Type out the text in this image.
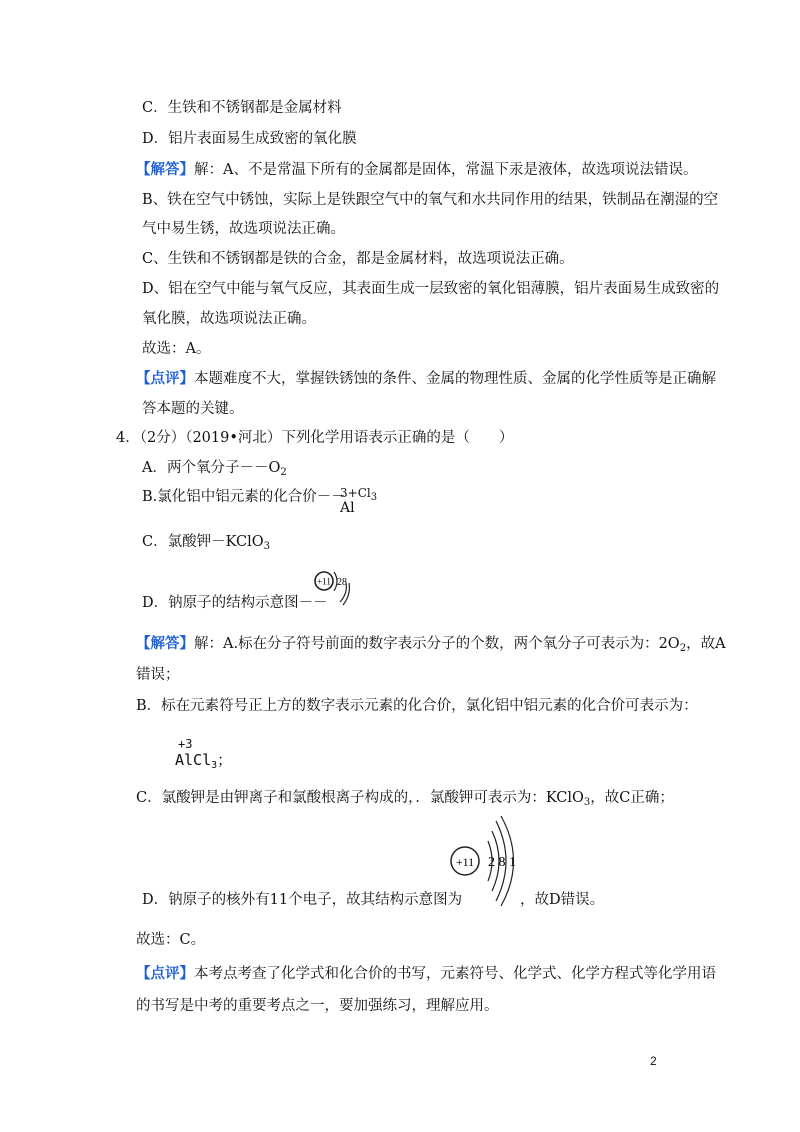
C．生铁和不锈钢都是金属材料
D．铝片表面易生成致密的氧化膜
【解答】解：A、不是常温下所有的金属都是固体，常温下汞是液体，故选项说法错误。
B、铁在空气中锈蚀，实际上是铁跟空气中的氧气和水共同作用的结果，铁制品在潮湿的空
气中易生锈，故选项说法正确。
C、生铁和不锈钢都是铁的合金，都是金属材料，故选项说法正确。
D、铝在空气中能与氧气反应，其表面生成一层致密的氧化铝薄膜，铝片表面易生成致密的
氧化膜，故选项说法正确。
故选：A。
【点评】本题难度不大，掌握铁锈蚀的条件、金属的物理性质、金属的化学性质等是正确解
答本题的关键。
4．（2分）（2019•河北）下列化学用语表示正确的是（　　）
A．两个氧分子$--O_2$
B.氯化铝中铝元素的化合价－－
$3+Cl_3$
Al
C．氯酸钾－KClO$_3$
D．钠原子的结构示意图－－
+11 28
【解答】解：A.标在分子符号前面的数字表示分子的个数，两个氧分子可表示为：$2O_2$，故A
错误；
B．标在元素符号正上方的数字表示元素的化合价，氯化铝中铝元素的化合价可表示为：
+3
AlCl$_3$；
C．氯酸钾是由钾离子和氯酸根离子构成的，．氯酸钾可表示为：KClO$_3$，故C正确；
+11 2 8 1
D．钠原子的核外有11个电子，故其结构示意图为	，故D错误。
故选：C。
【点评】本考点考查了化学式和化合价的书写，元素符号、化学式、化学方程式等化学用语
的书写是中考的重要考点之一，要加强练习，理解应用。
2
